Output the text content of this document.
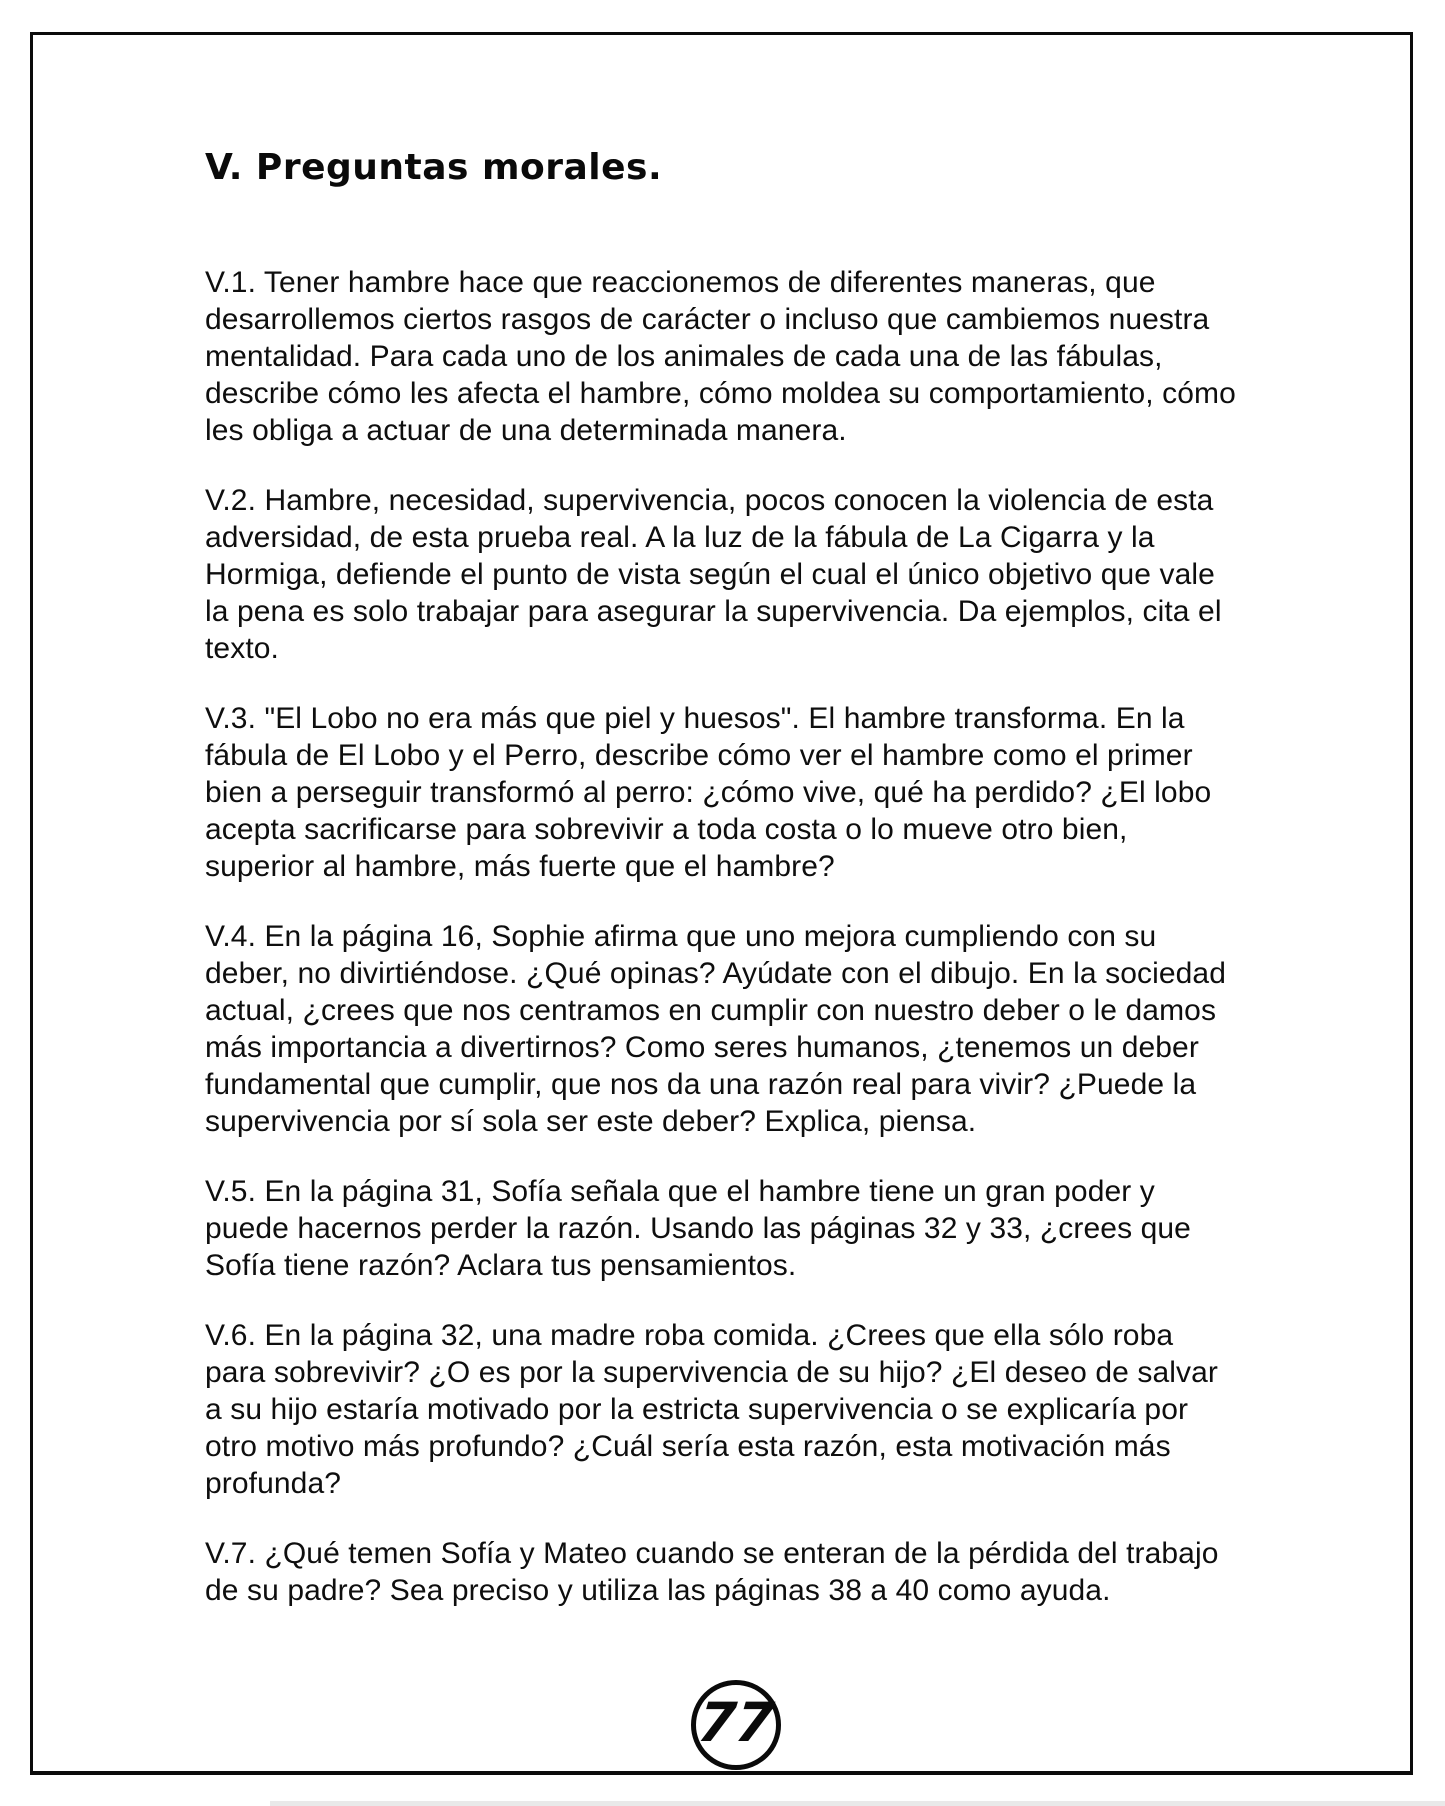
V. Preguntas morales.

V.1. Tener hambre hace que reaccionemos de diferentes maneras, que desarrollemos ciertos rasgos de carácter o incluso que cambiemos nuestra mentalidad. Para cada uno de los animales de cada una de las fábulas, describe cómo les afecta el hambre, cómo moldea su comportamiento, cómo les obliga a actuar de una determinada manera.

V.2. Hambre, necesidad, supervivencia, pocos conocen la violencia de esta adversidad, de esta prueba real. A la luz de la fábula de La Cigarra y la Hormiga, defiende el punto de vista según el cual el único objetivo que vale la pena es solo trabajar para asegurar la supervivencia. Da ejemplos, cita el texto.

V.3. "El Lobo no era más que piel y huesos". El hambre transforma. En la fábula de El Lobo y el Perro, describe cómo ver el hambre como el primer bien a perseguir transformó al perro: ¿cómo vive, qué ha perdido? ¿El lobo acepta sacrificarse para sobrevivir a toda costa o lo mueve otro bien, superior al hambre, más fuerte que el hambre?

V.4. En la página 16, Sophie afirma que uno mejora cumpliendo con su deber, no divirtiéndose. ¿Qué opinas? Ayúdate con el dibujo. En la sociedad actual, ¿crees que nos centramos en cumplir con nuestro deber o le damos más importancia a divertirnos? Como seres humanos, ¿tenemos un deber fundamental que cumplir, que nos da una razón real para vivir? ¿Puede la supervivencia por sí sola ser este deber? Explica, piensa.

V.5. En la página 31, Sofía señala que el hambre tiene un gran poder y puede hacernos perder la razón. Usando las páginas 32 y 33, ¿crees que Sofía tiene razón? Aclara tus pensamientos.

V.6. En la página 32, una madre roba comida. ¿Crees que ella sólo roba para sobrevivir? ¿O es por la supervivencia de su hijo? ¿El deseo de salvar a su hijo estaría motivado por la estricta supervivencia o se explicaría por otro motivo más profundo? ¿Cuál sería esta razón, esta motivación más profunda?

V.7. ¿Qué temen Sofía y Mateo cuando se enteran de la pérdida del trabajo de su padre? Sea preciso y utiliza las páginas 38 a 40 como ayuda.

77
